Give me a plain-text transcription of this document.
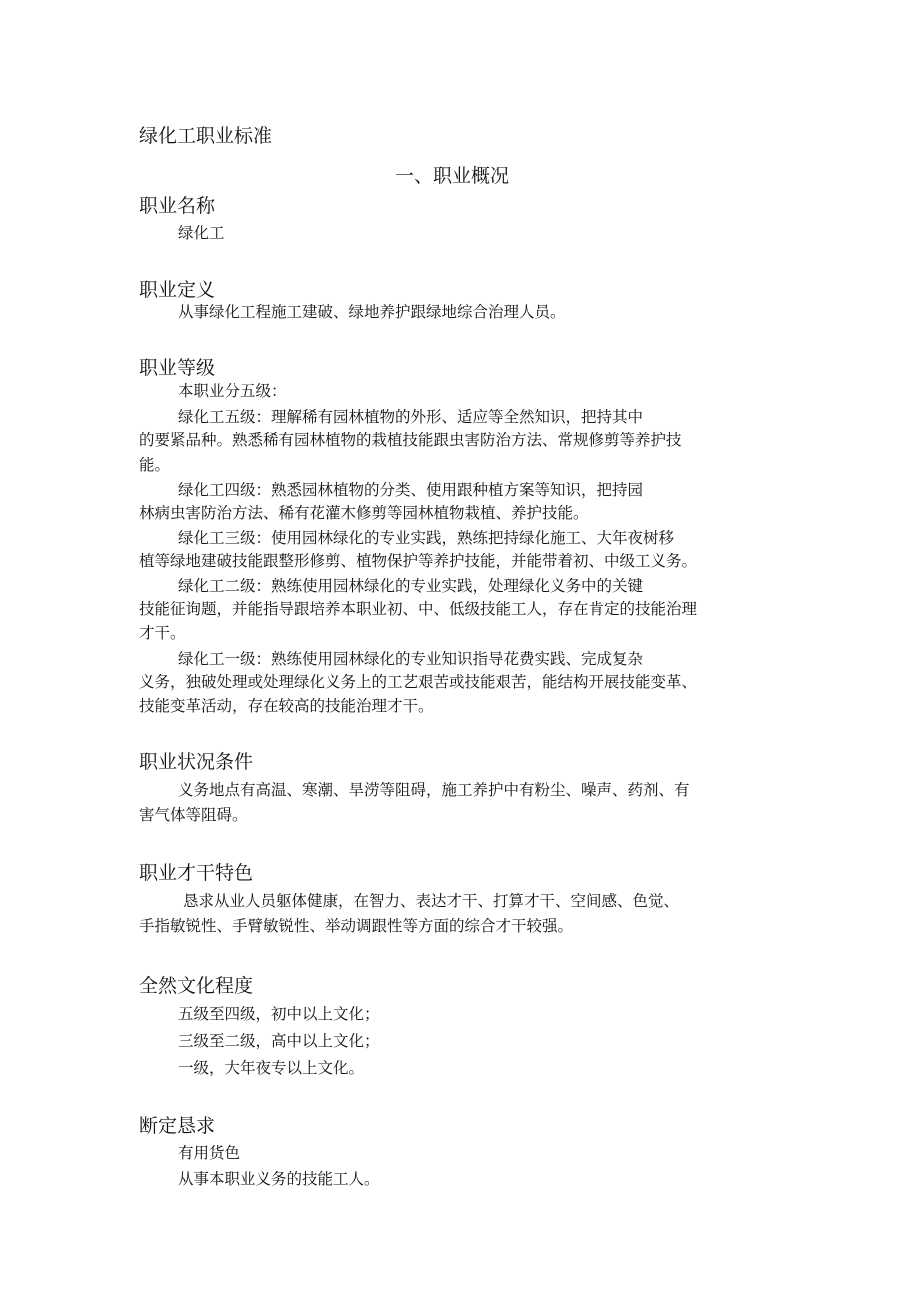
绿化工职业标准
一、职业概况
职业名称
绿化工
职业定义
从事绿化工程施工建破、绿地养护跟绿地综合治理人员。
职业等级
本职业分五级：
绿化工五级：理解稀有园林植物的外形、适应等全然知识，把持其中
的要紧品种。熟悉稀有园林植物的栽植技能跟虫害防治方法、常规修剪等养护技
能。
绿化工四级：熟悉园林植物的分类、使用跟种植方案等知识，把持园
林病虫害防治方法、稀有花灌木修剪等园林植物栽植、养护技能。
绿化工三级：使用园林绿化的专业实践，熟练把持绿化施工、大年夜树移
植等绿地建破技能跟整形修剪、植物保护等养护技能，并能带着初、中级工义务。
绿化工二级：熟练使用园林绿化的专业实践，处理绿化义务中的关键
技能征询题，并能指导跟培养本职业初、中、低级技能工人，存在肯定的技能治理
才干。
绿化工一级：熟练使用园林绿化的专业知识指导花费实践、完成复杂
义务，独破处理或处理绿化义务上的工艺艰苦或技能艰苦，能结构开展技能变革、
技能变革活动，存在较高的技能治理才干。
职业状况条件
义务地点有高温、寒潮、旱涝等阻碍，施工养护中有粉尘、噪声、药剂、有
害气体等阻碍。
职业才干特色
恳求从业人员躯体健康，在智力、表达才干、打算才干、空间感、色觉、
手指敏锐性、手臂敏锐性、举动调跟性等方面的综合才干较强。
全然文化程度
五级至四级，初中以上文化；
三级至二级，高中以上文化；
一级，大年夜专以上文化。
断定恳求
有用货色
从事本职业义务的技能工人。
